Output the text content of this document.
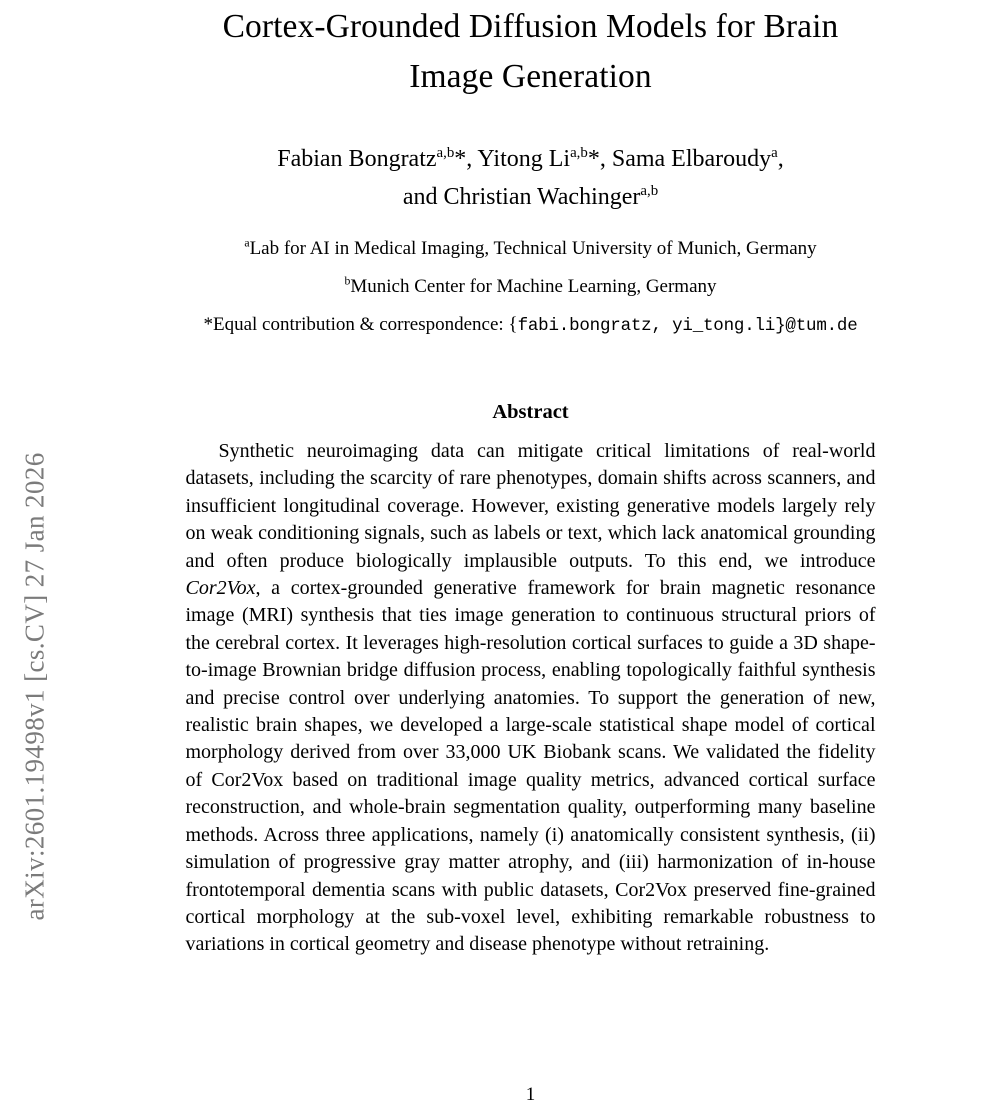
arXiv:2601.19498v1 [cs.CV] 27 Jan 2026
Cortex-Grounded Diffusion Models for Brain
Image Generation
Fabian Bongratz$^{a,b}$*, Yitong Li$^{a,b}$*, Sama Elbaroudy$^a$,
and Christian Wachinger$^{a,b}$
$^a$Lab for AI in Medical Imaging, Technical University of Munich, Germany
$^b$Munich Center for Machine Learning, Germany
*Equal contribution & correspondence: {fabi.bongratz, yi_tong.li}@tum.de
Abstract

Synthetic neuroimaging data can mitigate critical limitations of real-world datasets, including the scarcity of rare phenotypes, domain shifts across scanners, and insufficient longitudinal coverage. However, existing generative models largely rely on weak conditioning signals, such as labels or text, which lack anatomical grounding and often produce biologically implausible outputs. To this end, we introduce Cor2Vox, a cortex-grounded generative framework for brain magnetic resonance image (MRI) synthesis that ties image generation to continuous structural priors of the cerebral cortex. It leverages high-resolution cortical surfaces to guide a 3D shape-to-image Brownian bridge diffusion process, enabling topologically faithful synthesis and precise control over underlying anatomies. To support the generation of new, realistic brain shapes, we developed a large-scale statistical shape model of cortical morphology derived from over 33,000 UK Biobank scans. We validated the fidelity of Cor2Vox based on traditional image quality metrics, advanced cortical surface reconstruction, and whole-brain segmentation quality, outperforming many baseline methods. Across three applications, namely (i) anatomically consistent synthesis, (ii) simulation of progressive gray matter atrophy, and (iii) harmonization of in-house frontotemporal dementia scans with public datasets, Cor2Vox preserved fine-grained cortical morphology at the sub-voxel level, exhibiting remarkable robustness to variations in cortical geometry and disease phenotype without retraining.

1
